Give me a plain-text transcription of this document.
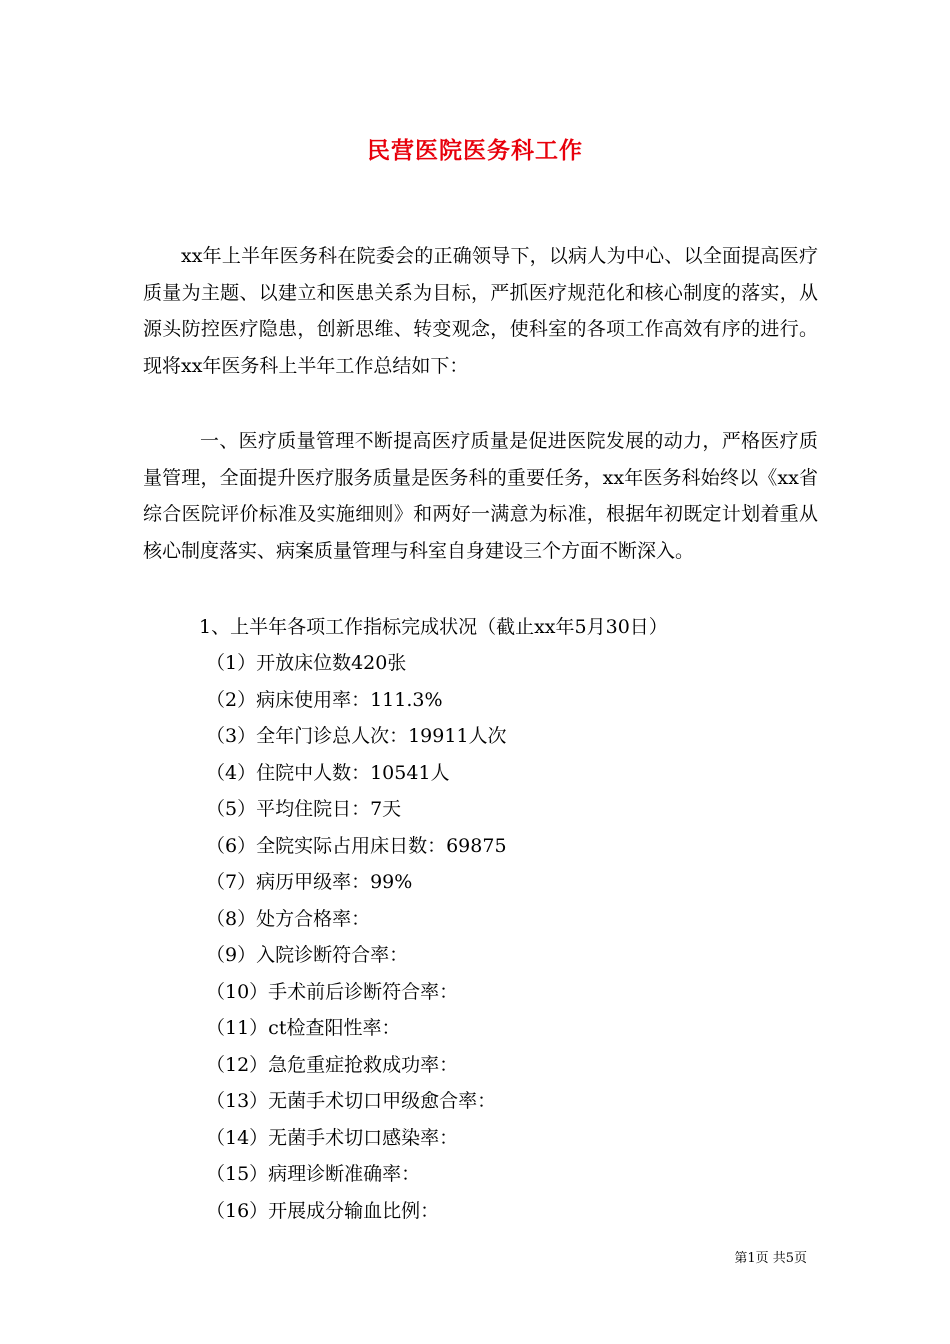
民营医院医务科工作

xx年上半年医务科在院委会的正确领导下，以病人为中心、以全面提高医疗质量为主题、以建立和医患关系为目标，严抓医疗规范化和核心制度的落实，从源头防控医疗隐患，创新思维、转变观念，使科室的各项工作高效有序的进行。现将xx年医务科上半年工作总结如下：

一、医疗质量管理不断提高医疗质量是促进医院发展的动力，严格医疗质量管理，全面提升医疗服务质量是医务科的重要任务，xx年医务科始终以《xx省综合医院评价标准及实施细则》和两好一满意为标准，根据年初既定计划着重从核心制度落实、病案质量管理与科室自身建设三个方面不断深入。

1、上半年各项工作指标完成状况（截止xx年5月30日）
（1）开放床位数420张
（2）病床使用率：111.3%
（3）全年门诊总人次：19911人次
（4）住院中人数：10541人
（5）平均住院日：7天
（6）全院实际占用床日数：69875
（7）病历甲级率：99%
（8）处方合格率：
（9）入院诊断符合率：
（10）手术前后诊断符合率：
（11）ct检查阳性率：
（12）急危重症抢救成功率：
（13）无菌手术切口甲级愈合率：
（14）无菌手术切口感染率：
（15）病理诊断准确率：
（16）开展成分输血比例：
第1页 共5页
